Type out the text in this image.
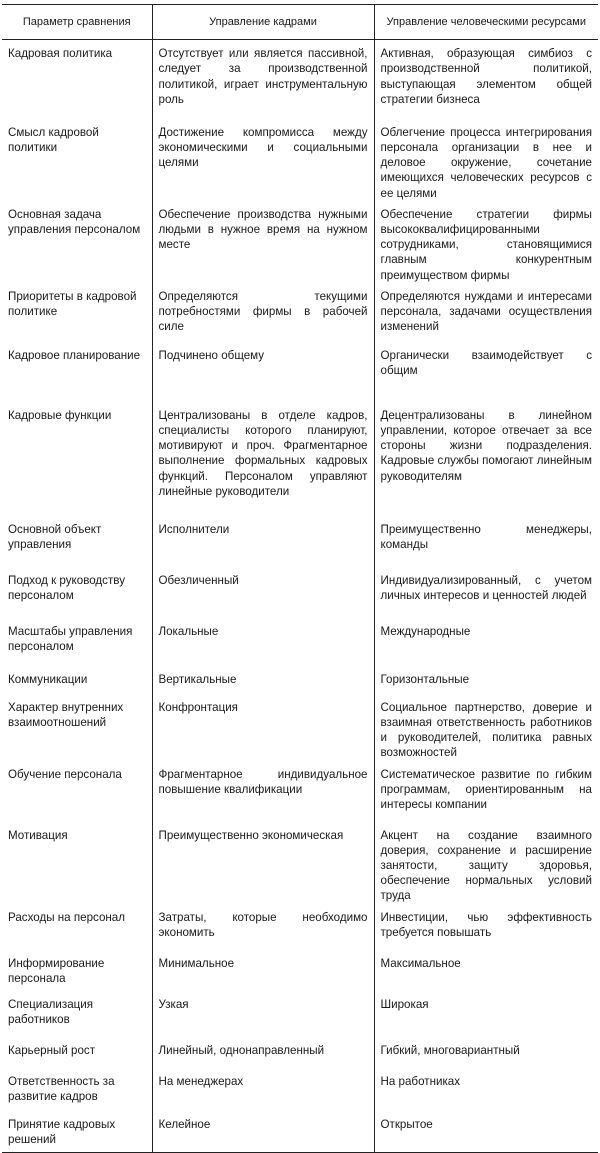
Параметр сравнения	Управление кадрами	Управление человеческими ресурсами
Кадровая политика	Отсутствует или является пассивной, следует за производственной политикой, играет инструментальную роль	Активная, образующая симбиоз с производственной политикой, выступающая элементом общей стратегии бизнеса
Смысл кадровой политики	Достижение компромисса между экономическими и социальными целями	Облегчение процесса интегрирования персонала организации в нее и деловое окружение, сочетание имеющихся человеческих ресурсов с ее целями
Основная задача управления персоналом	Обеспечение производства нужными людьми в нужное время на нужном месте	Обеспечение стратегии фирмы высококвалифицированными сотрудниками, становящимися главным конкурентным преимуществом фирмы
Приоритеты в кадровой политике	Определяются текущими потребностями фирмы в рабочей силе	Определяются нуждами и интересами персонала, задачами осуществления изменений
Кадровое планирование	Подчинено общему	Органически взаимодействует с общим
Кадровые функции	Централизованы в отделе кадров, специалисты которого планируют, мотивируют и проч. Фрагментарное выполнение формальных кадровых функций. Персоналом управляют линейные руководители	Децентрализованы в линейном управлении, которое отвечает за все стороны жизни подразделения. Кадровые службы помогают линейным руководителям
Основной объект управления	Исполнители	Преимущественно менеджеры, команды
Подход к руководству персоналом	Обезличенный	Индивидуализированный, с учетом личных интересов и ценностей людей
Масштабы управления персоналом	Локальные	Международные
Коммуникации	Вертикальные	Горизонтальные
Характер внутренних взаимоотношений	Конфронтация	Социальное партнерство, доверие и взаимная ответственность работников и руководителей, политика равных возможностей
Обучение персонала	Фрагментарное индивидуальное повышение квалификации	Систематическое развитие по гибким программам, ориентированным на интересы компании
Мотивация	Преимущественно экономическая	Акцент на создание взаимного доверия, сохранение и расширение занятости, защиту здоровья, обеспечение нормальных условий труда
Расходы на персонал	Затраты, которые необходимо экономить	Инвестиции, чью эффективность требуется повышать
Информирование персонала	Минимальное	Максимальное
Специализация работников	Узкая	Широкая
Карьерный рост	Линейный, однонаправленный	Гибкий, многовариантный
Ответственность за развитие кадров	На менеджерах	На работниках
Принятие кадровых решений	Келейное	Открытое
